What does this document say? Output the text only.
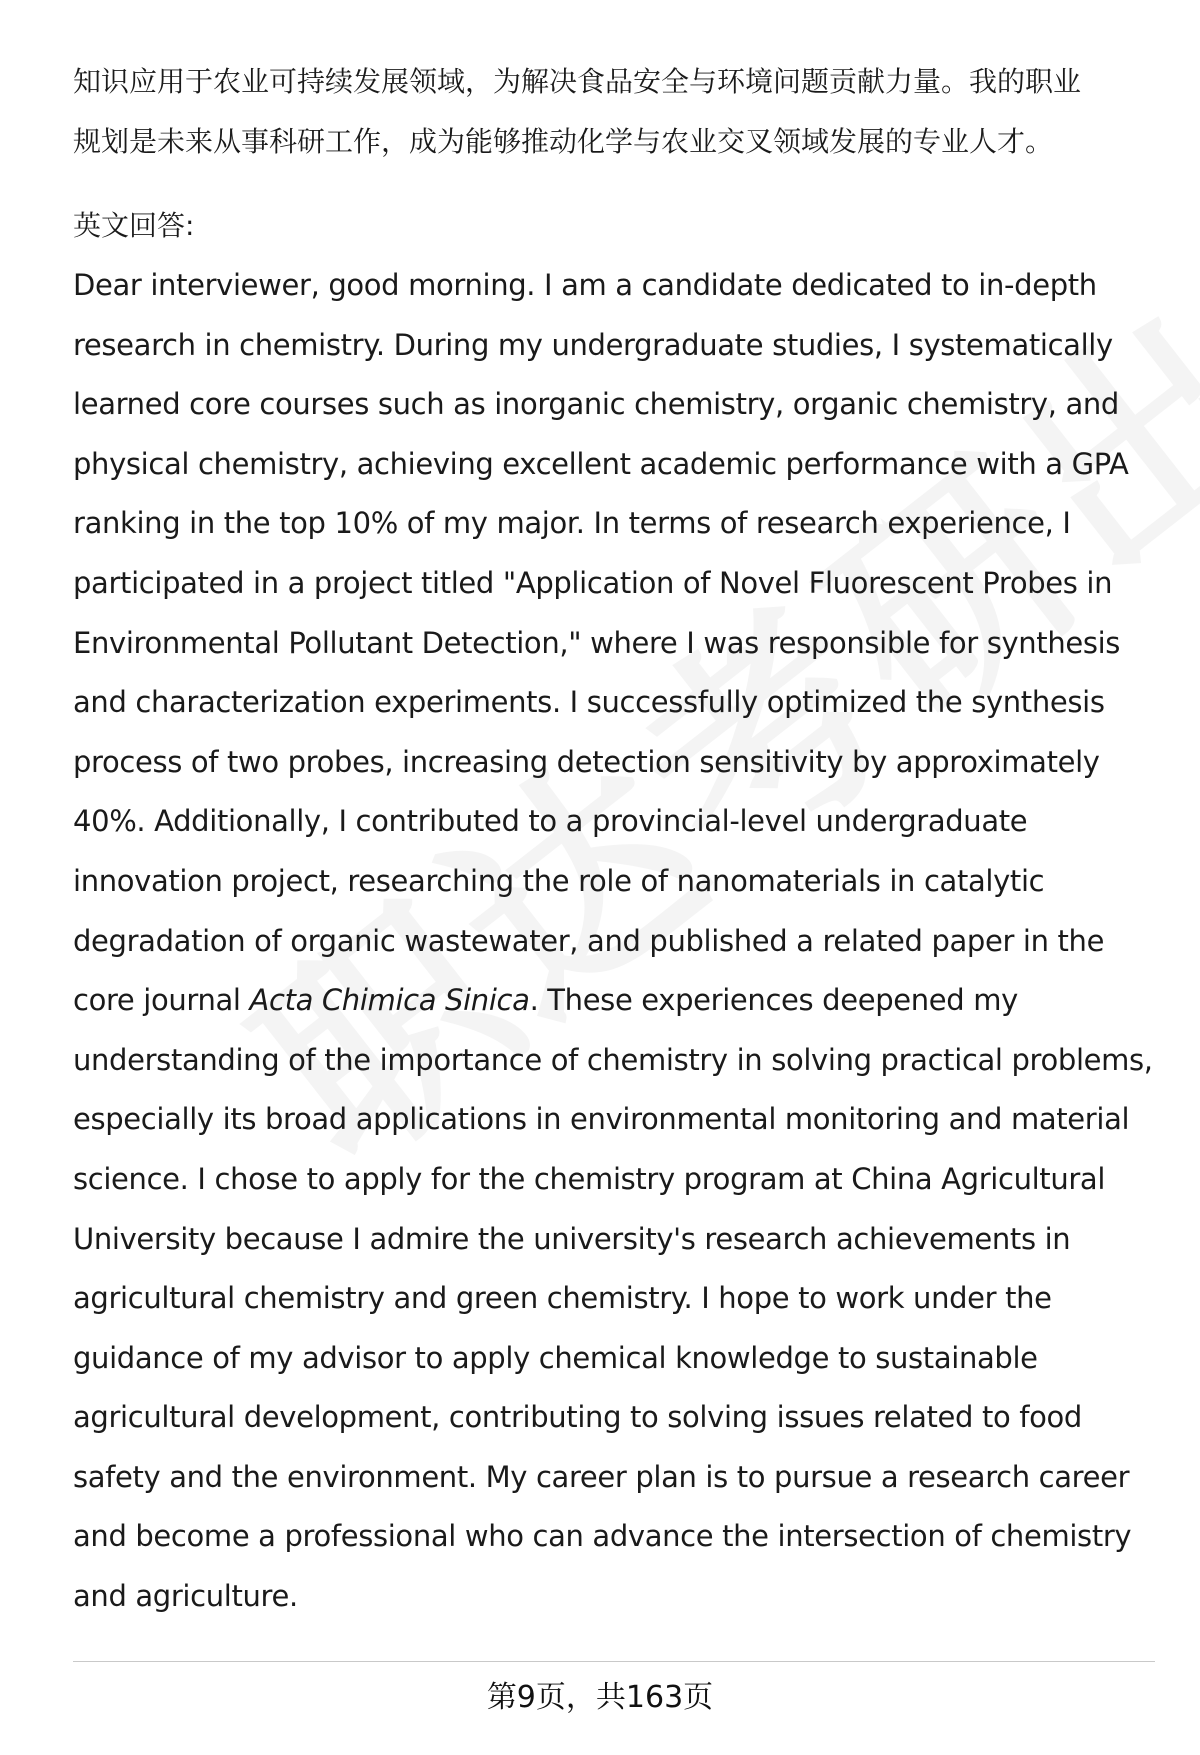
知识应用于农业可持续发展领域，为解决食品安全与环境问题贡献力量。我的职业

规划是未来从事科研工作，成为能够推动化学与农业交叉领域发展的专业人才。

英文回答:

Dear interviewer, good morning. I am a candidate dedicated to in-depth

research in chemistry. During my undergraduate studies, I systematically

learned core courses such as inorganic chemistry, organic chemistry, and

physical chemistry, achieving excellent academic performance with a GPA

ranking in the top 10% of my major. In terms of research experience, I

participated in a project titled "Application of Novel Fluorescent Probes in

Environmental Pollutant Detection," where I was responsible for synthesis

and characterization experiments. I successfully optimized the synthesis

process of two probes, increasing detection sensitivity by approximately

40%. Additionally, I contributed to a provincial-level undergraduate

innovation project, researching the role of nanomaterials in catalytic

degradation of organic wastewater, and published a related paper in the

core journal Acta Chimica Sinica. These experiences deepened my

understanding of the importance of chemistry in solving practical problems,

especially its broad applications in environmental monitoring and material

science. I chose to apply for the chemistry program at China Agricultural

University because I admire the university's research achievements in

agricultural chemistry and green chemistry. I hope to work under the

guidance of my advisor to apply chemical knowledge to sustainable

agricultural development, contributing to solving issues related to food

safety and the environment. My career plan is to pursue a research career

and become a professional who can advance the intersection of chemistry

and agriculture.

第9页，共163页
